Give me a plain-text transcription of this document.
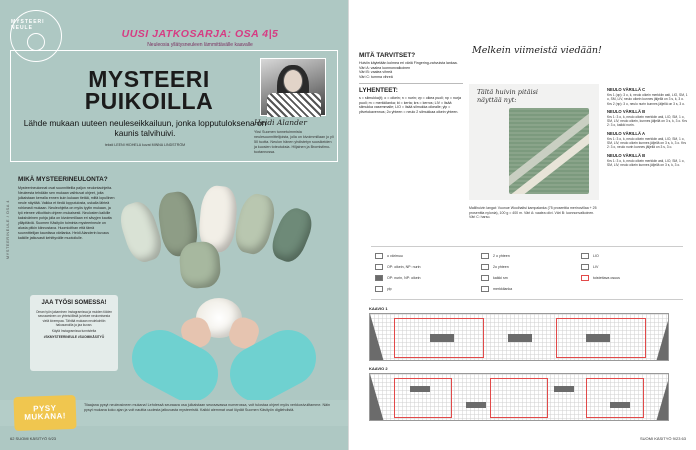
MYSTEERI NEULE	UUSI JATKOSARJA: OSA 4|5
Neuleosia yllätysneuleen lämmittävälle kaavalle
MYSTEERI
PUIKOILLA
Lähde mukaan uuteen neuleseikkailuun, jonka lopputuloksena on kaunis talvihuivi.
teksti LEENI HIDHELA kuvat MINNA LINDSTRÖM
Heidi Alander
Yksi Suomen tunnetuimmista neulesuunnittelijoista, jolla on kivoimmillaan jo yli 50 tuotta. Neulon hänen yhdistetyn suosikeiden ja kuosien toteutuksia. Hiljainen ja Bromistimo-tuotannossa.
MYSTEERINEULE / OSA 4
MIKÄ MYSTEERINEULONTA?

Mysteerineulonnat ovat suunnitteilla paljon neulontaohjeita. Neuleesta tehdään sen mukaan vaihtuvat ohjeet, joita julkaistaan kerralla ennen kuin kukaan tietää, miltä lopullinen neule näyttää. Vaikka et tiedä lopputulosta, uskalla lähteä rohkeasti mukaan. Neuleohjeita on myös tyylin mukaan, ja työ etenee viikoittain ohjeen mukaisesti. Neulosten kaikille kaksivärinen pohja jolla on kivoimmillaan eri sävyjen kautta ylläpitäviä. Suomen Käsityön toiminta mysteerineule on alusta pitkin kiinnostava. Huomioithan että tämä suunnittelijan kauniissa värilanka. Heidi Alanderin kuvaus kaikille jatkuvasti kehittyvälle muotoilulle.

JAA TYÖSI SOMESSA!

Oman työn jakaminen Instagramissa ja muiden töiden seuraaminen on yhteisöllistä ja tekee neulomisesta vielä kivempaa. Tähtää mukaan neulekohtiin hakusanoilla ja jaa kuvan.

Käytä Instagramissa tunnisteita

#SKMYSTEERINEULE #SUOMIKÄSITYÖ

PYSY
MUKANA!
Tilaajana pysyt neuleosineen mukana! Lehdessä seuraava osa julkaistaan seuraavassa numerossa, voit tulostaa ohjeet myös verkkosivuiltamme. Näin pysyt mukana koko ajan ja voit nauttia uudesta jatkuvasta mysteeristä. Kaikki aiemmat osat löydät Suomen Käsityön digilehdistä.
62 SUOMI KÄSITYÖ 9/23
MITÄ TARVITSET?

Huiviin käytetään kolmea eri väriä Fingering-vahvuista lankaa.

Väri A: vaalea luonnonvalkoinen
Väri B: vaalea vihreä
Väri C: tumma vihreä
LYHENTEET:

s = silmukka(t); o = oikein; n = nurin; vp = oikea puoli; np = nurja puoli; m = merkkilanka; kt = kerta; krs = kerros; LIV = lisää silmukka vasemmalle; LIO = lisää silmukka oikealle; ylp = ylivetokavennus; 2o yhteen = neulo 2 silmukkaa oikein yhteen.

Melkein viimeistä viedään!
Tältä huivin pitäisi näyttää nyt:
Mallihuivin langat: Vuonue Woolhaltsi kampalanka (75 prosenttia merinovillaa + 25 prosenttia nylonia), 100 g = 400 m. Väri A: vaalea olivi. Väri B: luonnonvalkoinen. Väri C: harso.
NEULO VÄRILLÄ C

Krs 1 (op): 3 o, k, neulo oikein merkkiin asti, LIO, SM, 1 o, SM, LIV, neulo oikein kunnes jäljellä on 3 s, k, 3 o. Krs 2 (np): 3 o, neulo nurin kunnes jäljellä on 3 s, 3 o.

NEULO VÄRILLÄ B

Krs 1: 3 o, k, neulo oikein merkkiin asti, LIO, SM, 1 o, SM, LIV, neulo oikein, kunnes jäljellä on 3 s, k, 3 o. Krs 2: 3 o, kaikki nurin.

NEULO VÄRILLÄ A

Krs 1: 3 o, k, neulo oikein merkkiin asti, LIO, SM, 1 o, SM, LIV, neulo oikein kunnes jäljellä on 3 s, k, 3 o. Krs 2: 3 o, neulo nurin kunnes jäljellä on 3 s, 3 o.

NEULO VÄRILLÄ B

Krs 1: 3 o, k, neulo oikein merkkiin asti, LIO, SM, 1 o, SM, LIV, neulo oikein kunnes jäljellä on 3 s, k, 3 o.

o värimuu
OP: oikein, NP: nurin
OP: nurin, NP: oikein
ylp
2 o yhteen
2o yhteen
kaikki sm
merkkilanka
LIO
LIV
toistettava osuus
KAAVIO 1
KAAVIO 2
SUOMI KÄSITYÖ 9/23 63
